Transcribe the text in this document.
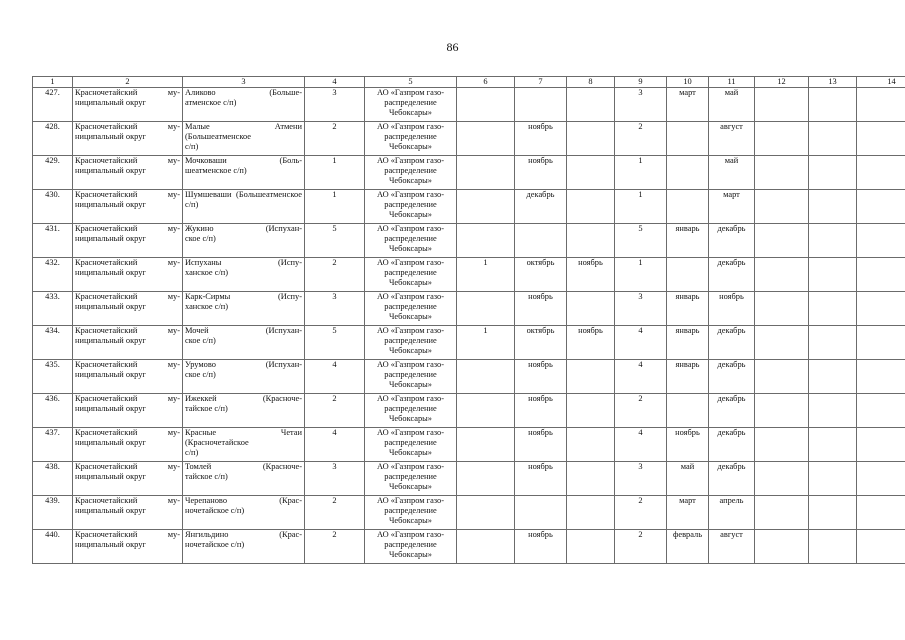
86
1	2	3	4	5	6	7	8	9	10	11	12	13	14
427.	Красночетайский му-
ниципальный округ	Аликово (Больше-
атменское с/п)	3	АО «Газпром газо-
распределение
Чебоксары»				3	март	май			
428.	Красночетайский му-
ниципальный округ	Малые Атмени
(Большеатменское
с/п)	2	АО «Газпром газо-
распределение
Чебоксары»		ноябрь		2		август			
429.	Красночетайский му-
ниципальный округ	Мочковаши (Боль-
шеатменское с/п)	1	АО «Газпром газо-
распределение
Чебоксары»		ноябрь		1		май			
430.	Красночетайский му-
ниципальный округ	Шумшеваши (Большеатменское
с/п)	1	АО «Газпром газо-
распределение
Чебоксары»		декабрь		1		март			
431.	Красночетайский му-
ниципальный округ	Жукино (Испухан-
ское с/п)	5	АО «Газпром газо-
распределение
Чебоксары»				5	январь	декабрь			
432.	Красночетайский му-
ниципальный округ	Испуханы (Испу-
ханское с/п)	2	АО «Газпром газо-
распределение
Чебоксары»	1	октябрь	ноябрь	1		декабрь			
433.	Красночетайский му-
ниципальный округ	Карк-Сирмы (Испу-
ханское с/п)	3	АО «Газпром газо-
распределение
Чебоксары»		ноябрь		3	январь	ноябрь			
434.	Красночетайский му-
ниципальный округ	Мочей (Испухан-
ское с/п)	5	АО «Газпром газо-
распределение
Чебоксары»	1	октябрь	ноябрь	4	январь	декабрь			
435.	Красночетайский му-
ниципальный округ	Урумово (Испухан-
ское с/п)	4	АО «Газпром газо-
распределение
Чебоксары»		ноябрь		4	январь	декабрь			
436.	Красночетайский му-
ниципальный округ	Ижеккей (Красноче-
тайское с/п)	2	АО «Газпром газо-
распределение
Чебоксары»		ноябрь		2		декабрь			
437.	Красночетайский му-
ниципальный округ	Красные Четаи
(Красночетайское
с/п)	4	АО «Газпром газо-
распределение
Чебоксары»		ноябрь		4	ноябрь	декабрь			
438.	Красночетайский му-
ниципальный округ	Томлей (Красноче-
тайское с/п)	3	АО «Газпром газо-
распределение
Чебоксары»		ноябрь		3	май	декабрь			
439.	Красночетайский му-
ниципальный округ	Черепаново (Крас-
ночетайское с/п)	2	АО «Газпром газо-
распределение
Чебоксары»				2	март	апрель			
440.	Красночетайский му-
ниципальный округ	Янгильдино (Крас-
ночетайское с/п)	2	АО «Газпром газо-
распределение
Чебоксары»		ноябрь		2	февраль	август			
